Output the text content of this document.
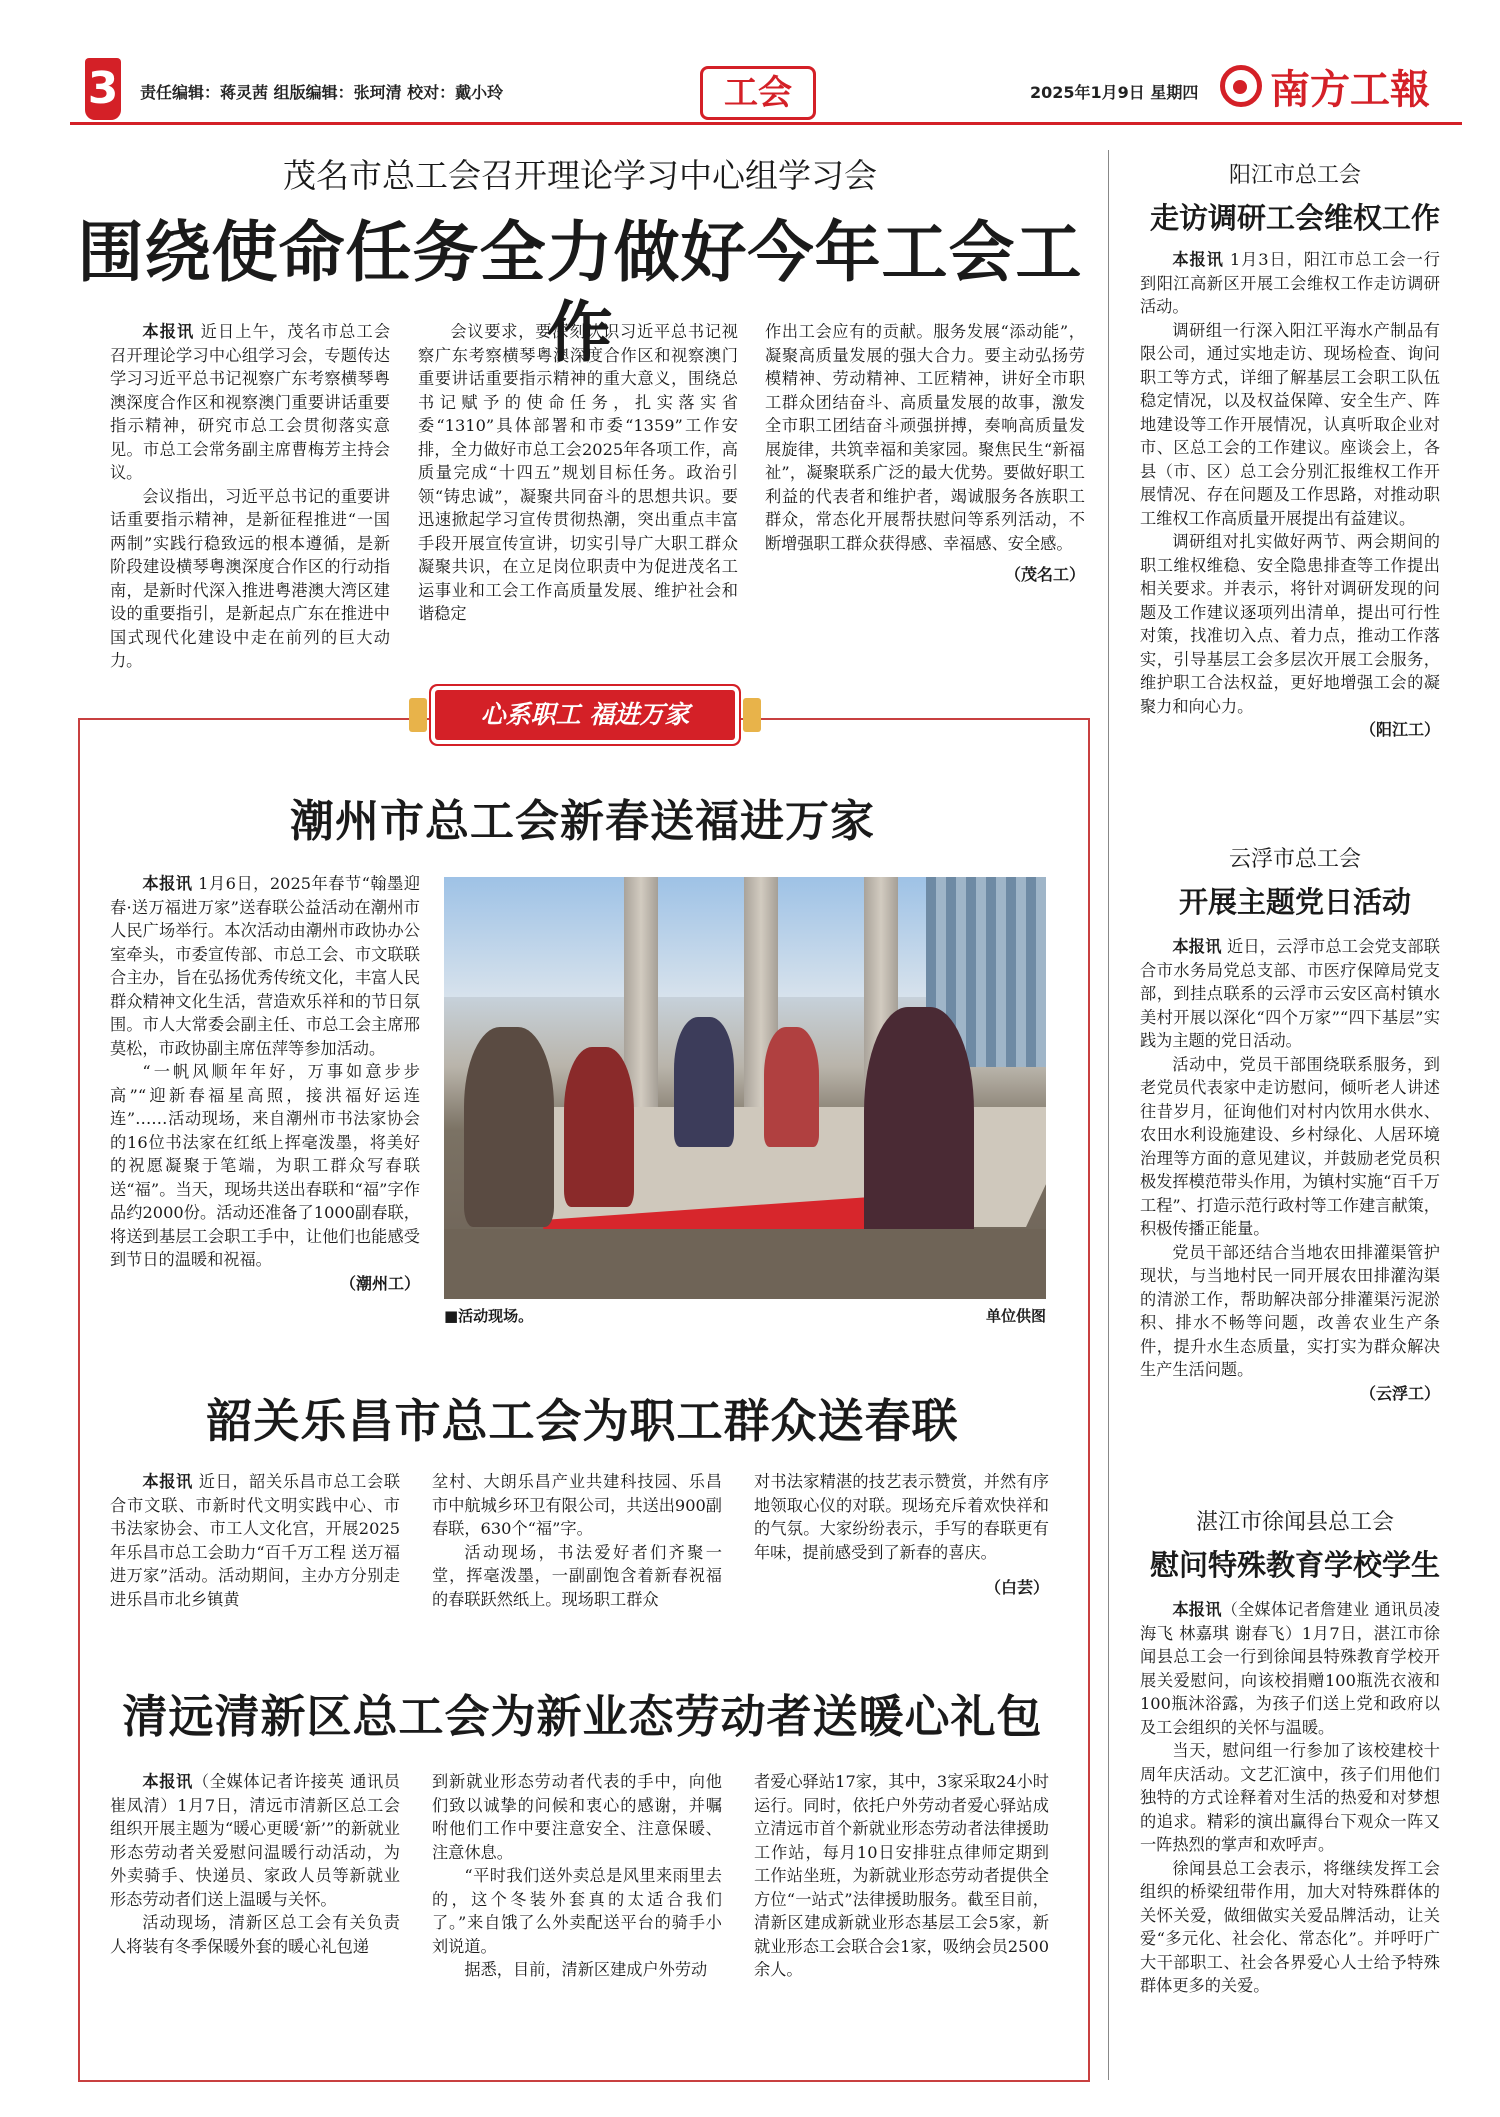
3 责任编辑：蒋灵茜 组版编辑：张珂清 校对：戴小玲	工会	2025年1月9日 星期四 南方工報
茂名市总工会召开理论学习中心组学习会
围绕使命任务全力做好今年工会工作

本报讯 近日上午，茂名市总工会召开理论学习中心组学习会，专题传达学习习近平总书记视察广东考察横琴粤澳深度合作区和视察澳门重要讲话重要指示精神，研究市总工会贯彻落实意见。市总工会常务副主席曹梅芳主持会议。

会议指出，习近平总书记的重要讲话重要指示精神，是新征程推进“一国两制”实践行稳致远的根本遵循，是新阶段建设横琴粤澳深度合作区的行动指南，是新时代深入推进粤港澳大湾区建设的重要指引，是新起点广东在推进中国式现代化建设中走在前列的巨大动力。

会议要求，要深刻认识习近平总书记视察广东考察横琴粤澳深度合作区和视察澳门重要讲话重要指示精神的重大意义，围绕总书记赋予的使命任务，扎实落实省委“1310”具体部署和市委“1359”工作安排，全力做好市总工会2025年各项工作，高质量完成“十四五”规划目标任务。政治引领“铸忠诚”，凝聚共同奋斗的思想共识。要迅速掀起学习宣传贯彻热潮，突出重点丰富手段开展宣传宣讲，切实引导广大职工群众凝聚共识，在立足岗位职责中为促进茂名工运事业和工会工作高质量发展、维护社会和谐稳定

作出工会应有的贡献。服务发展“添动能”，凝聚高质量发展的强大合力。要主动弘扬劳模精神、劳动精神、工匠精神，讲好全市职工群众团结奋斗、高质量发展的故事，激发全市职工团结奋斗顽强拼搏，奏响高质量发展旋律，共筑幸福和美家园。聚焦民生“新福祉”，凝聚联系广泛的最大优势。要做好职工利益的代表者和维护者，竭诚服务各族职工群众，常态化开展帮扶慰问等系列活动，不断增强职工群众获得感、幸福感、安全感。

（茂名工）
心系职工 福进万家
潮州市总工会新春送福进万家

本报讯 1月6日，2025年春节“翰墨迎春·送万福进万家”送春联公益活动在潮州市人民广场举行。本次活动由潮州市政协办公室牵头，市委宣传部、市总工会、市文联联合主办，旨在弘扬优秀传统文化，丰富人民群众精神文化生活，营造欢乐祥和的节日氛围。市人大常委会副主任、市总工会主席邢莫松，市政协副主席伍萍等参加活动。

“一帆风顺年年好，万事如意步步高”“迎新春福星高照，接洪福好运连连”……活动现场，来自潮州市书法家协会的16位书法家在红纸上挥毫泼墨，将美好的祝愿凝聚于笔端，为职工群众写春联送“福”。当天，现场共送出春联和“福”字作品约2000份。活动还准备了1000副春联，将送到基层工会职工手中，让他们也能感受到节日的温暖和祝福。

（潮州工）
■活动现场。	单位供图
韶关乐昌市总工会为职工群众送春联

本报讯 近日，韶关乐昌市总工会联合市文联、市新时代文明实践中心、市书法家协会、市工人文化宫，开展2025年乐昌市总工会助力“百千万工程 送万福进万家”活动。活动期间，主办方分别走进乐昌市北乡镇黄

坌村、大朗乐昌产业共建科技园、乐昌市中航城乡环卫有限公司，共送出900副春联，630个“福”字。

活动现场，书法爱好者们齐聚一堂，挥毫泼墨，一副副饱含着新春祝福的春联跃然纸上。现场职工群众

对书法家精湛的技艺表示赞赏，并然有序地领取心仪的对联。现场充斥着欢快祥和的气氛。大家纷纷表示，手写的春联更有年味，提前感受到了新春的喜庆。

（白芸）
清远清新区总工会为新业态劳动者送暖心礼包

本报讯（全媒体记者许接英 通讯员崔凤清）1月7日，清远市清新区总工会组织开展主题为“暖心更暖‘新’”的新就业形态劳动者关爱慰问温暖行动活动，为外卖骑手、快递员、家政人员等新就业形态劳动者们送上温暖与关怀。

活动现场，清新区总工会有关负责人将装有冬季保暖外套的暖心礼包递

到新就业形态劳动者代表的手中，向他们致以诚挚的问候和衷心的感谢，并嘱咐他们工作中要注意安全、注意保暖、注意休息。

“平时我们送外卖总是风里来雨里去的，这个冬装外套真的太适合我们了。”来自饿了么外卖配送平台的骑手小刘说道。

据悉，目前，清新区建成户外劳动

者爱心驿站17家，其中，3家采取24小时运行。同时，依托户外劳动者爱心驿站成立清远市首个新就业形态劳动者法律援助工作站，每月10日安排驻点律师定期到工作站坐班，为新就业形态劳动者提供全方位“一站式”法律援助服务。截至目前，清新区建成新就业形态基层工会5家，新就业形态工会联合会1家，吸纳会员2500余人。

阳江市总工会
走访调研工会维权工作

本报讯 1月3日，阳江市总工会一行到阳江高新区开展工会维权工作走访调研活动。

调研组一行深入阳江平海水产制品有限公司，通过实地走访、现场检查、询问职工等方式，详细了解基层工会职工队伍稳定情况，以及权益保障、安全生产、阵地建设等工作开展情况，认真听取企业对市、区总工会的工作建议。座谈会上，各县（市、区）总工会分别汇报维权工作开展情况、存在问题及工作思路，对推动职工维权工作高质量开展提出有益建议。

调研组对扎实做好两节、两会期间的职工维权维稳、安全隐患排查等工作提出相关要求。并表示，将针对调研发现的问题及工作建议逐项列出清单，提出可行性对策，找准切入点、着力点，推动工作落实，引导基层工会多层次开展工会服务，维护职工合法权益，更好地增强工会的凝聚力和向心力。

（阳江工）
云浮市总工会
开展主题党日活动

本报讯 近日，云浮市总工会党支部联合市水务局党总支部、市医疗保障局党支部，到挂点联系的云浮市云安区高村镇水美村开展以深化“四个万家”“四下基层”实践为主题的党日活动。

活动中，党员干部围绕联系服务，到老党员代表家中走访慰问，倾听老人讲述往昔岁月，征询他们对村内饮用水供水、农田水利设施建设、乡村绿化、人居环境治理等方面的意见建议，并鼓励老党员积极发挥模范带头作用，为镇村实施“百千万工程”、打造示范行政村等工作建言献策，积极传播正能量。

党员干部还结合当地农田排灌渠管护现状，与当地村民一同开展农田排灌沟渠的清淤工作，帮助解决部分排灌渠污泥淤积、排水不畅等问题，改善农业生产条件，提升水生态质量，实打实为群众解决生产生活问题。

（云浮工）
湛江市徐闻县总工会
慰问特殊教育学校学生

本报讯（全媒体记者詹建业 通讯员凌海飞 林嘉琪 谢春飞）1月7日，湛江市徐闻县总工会一行到徐闻县特殊教育学校开展关爱慰问，向该校捐赠100瓶洗衣液和100瓶沐浴露，为孩子们送上党和政府以及工会组织的关怀与温暖。

当天，慰问组一行参加了该校建校十周年庆活动。文艺汇演中，孩子们用他们独特的方式诠释着对生活的热爱和对梦想的追求。精彩的演出赢得台下观众一阵又一阵热烈的掌声和欢呼声。

徐闻县总工会表示，将继续发挥工会组织的桥梁纽带作用，加大对特殊群体的关怀关爱，做细做实关爱品牌活动，让关爱“多元化、社会化、常态化”。并呼吁广大干部职工、社会各界爱心人士给予特殊群体更多的关爱。
